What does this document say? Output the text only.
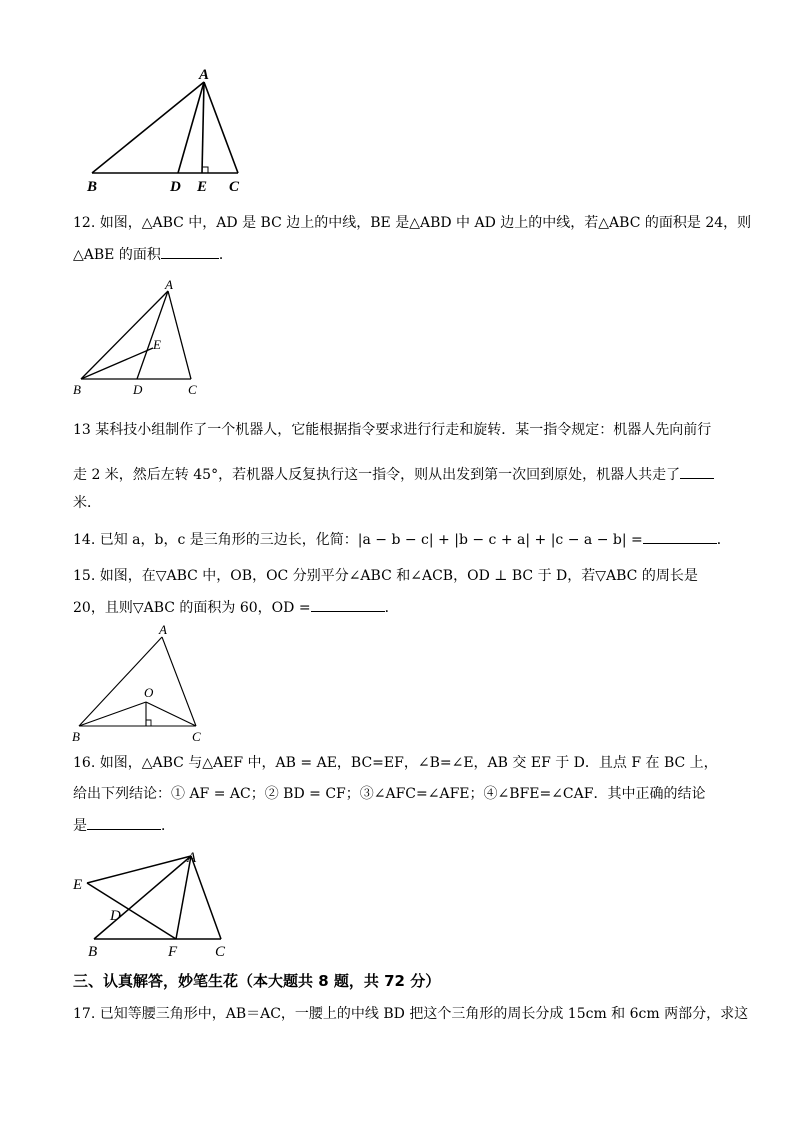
A
B	D E C
12. 如图，△ABC 中，AD 是 BC 边上的中线，BE 是△ABD 中 AD 边上的中线，若△ABC 的面积是 24，则
△ABE 的面积	．
A
E
B	D	C
13 某科技小组制作了一个机器人，它能根据指令要求进行行走和旋转．某一指令规定：机器人先向前行
走 2 米，然后左转 45°，若机器人反复执行这一指令，则从出发到第一次回到原处，机器人共走了
米．
14. 已知 a，b，c 是三角形的三边长，化简：|a − b − c| + |b − c + a| + |c − a − b| =	．
15. 如图，在▽ABC 中，OB，OC 分别平分∠ABC 和∠ACB，OD ⊥ BC 于 D，若▽ABC 的周长是
20，且则▽ABC 的面积为 60，OD =	．
A
O
B	C
16. 如图，△ABC 与△AEF 中，AB = AE，BC=EF，∠B=∠E，AB 交 EF 于 D．且点 F 在 BC 上，
给出下列结论：① AF = AC；② BD = CF；③∠AFC=∠AFE；④∠BFE=∠CAF．其中正确的结论
是	．
A
E
D
B	F	C
三、认真解答，妙笔生花（本大题共 8 题，共 72 分）
17. 已知等腰三角形中，AB＝AC，一腰上的中线 BD 把这个三角形的周长分成 15cm 和 6cm 两部分，求这
